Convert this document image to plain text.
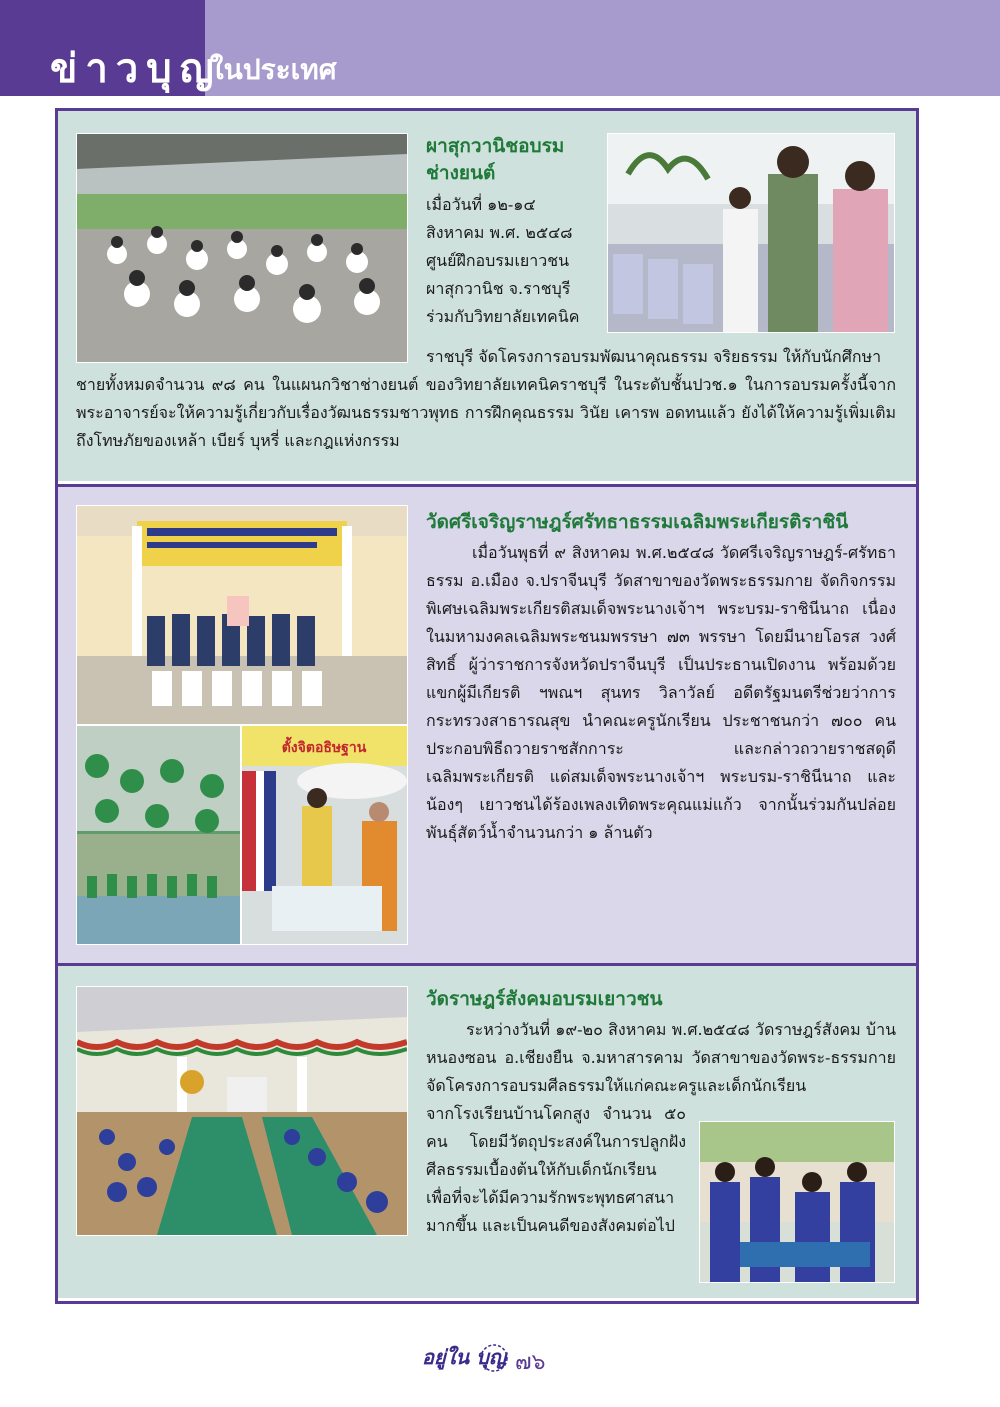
ข่าวบุญ
ในประเทศ
ผาสุกวานิชอบรม
ช่างยนต์
เมื่อวันที่ ๑๒-๑๔
สิงหาคม พ.ศ. ๒๕๔๘
ศูนย์ฝึกอบรมเยาวชน
ผาสุกวานิช จ.ราชบุรี
ร่วมกับวิทยาลัยเทคนิค
ราชบุรี จัดโครงการอบรมพัฒนาคุณธรรม จริยธรรม ให้กับนักศึกษา
ชายทั้งหมดจำนวน ๙๘ คน ในแผนกวิชาช่างยนต์ ของวิทยาลัยเทคนิคราชบุรี ในระดับชั้นปวช.๑ ในการอบรมครั้งนี้จากพระอาจารย์จะให้ความรู้เกี่ยวกับเรื่องวัฒนธรรมชาวพุทธ การฝึกคุณธรรม วินัย เคารพ อดทนแล้ว ยังได้ให้ความรู้เพิ่มเติมถึงโทษภัยของเหล้า เบียร์ บุหรี่ และกฎแห่งกรรม
ตั้งจิตอธิษฐาน
วัดศรีเจริญราษฎร์ศรัทธาธรรมเฉลิมพระเกียรติราชินี
เมื่อวันพุธที่ ๙ สิงหาคม พ.ศ.๒๕๔๘ วัดศรีเจริญราษฎร์-ศรัทธาธรรม อ.เมือง จ.ปราจีนบุรี วัดสาขาของวัดพระธรรมกาย จัดกิจกรรมพิเศษเฉลิมพระเกียรติสมเด็จพระนางเจ้าฯ พระบรม-ราชินีนาถ เนื่องในมหามงคลเฉลิมพระชนมพรรษา ๗๓ พรรษา โดยมีนายโอรส วงศ์สิทธิ์ ผู้ว่าราชการจังหวัดปราจีนบุรี เป็นประธานเปิดงาน พร้อมด้วยแขกผู้มีเกียรติ ฯพณฯ สุนทร วิลาวัลย์ อดีตรัฐมนตรีช่วยว่าการกระทรวงสาธารณสุข นำคณะครูนักเรียน ประชาชนกว่า ๗๐๐ คน ประกอบพิธีถวายราชสักการะ และกล่าวถวายราชสดุดีเฉลิมพระเกียรติ แด่สมเด็จพระนางเจ้าฯ พระบรม-ราชินีนาถ และน้องๆ เยาวชนได้ร้องเพลงเทิดพระคุณแม่แก้ว จากนั้นร่วมกันปล่อยพันธุ์สัตว์น้ำจำนวนกว่า ๑ ล้านตัว
วัดราษฎร์สังคมอบรมเยาวชน
ระหว่างวันที่ ๑๙-๒๐ สิงหาคม พ.ศ.๒๕๔๘ วัดราษฎร์สังคม บ้านหนองซอน อ.เชียงยืน จ.มหาสารคาม วัดสาขาของวัดพระ-ธรรมกาย จัดโครงการอบรมศีลธรรมให้แก่คณะครูและเด็กนักเรียน
จากโรงเรียนบ้านโคกสูง จำนวน ๕๐ คน โดยมีวัตถุประสงค์ในการปลูกฝังศีลธรรมเบื้องต้นให้กับเด็กนักเรียน เพื่อที่จะได้มีความรักพระพุทธศาสนามากขึ้น และเป็นคนดีของสังคมต่อไป
อยู่ใน บุญ ๗๖
